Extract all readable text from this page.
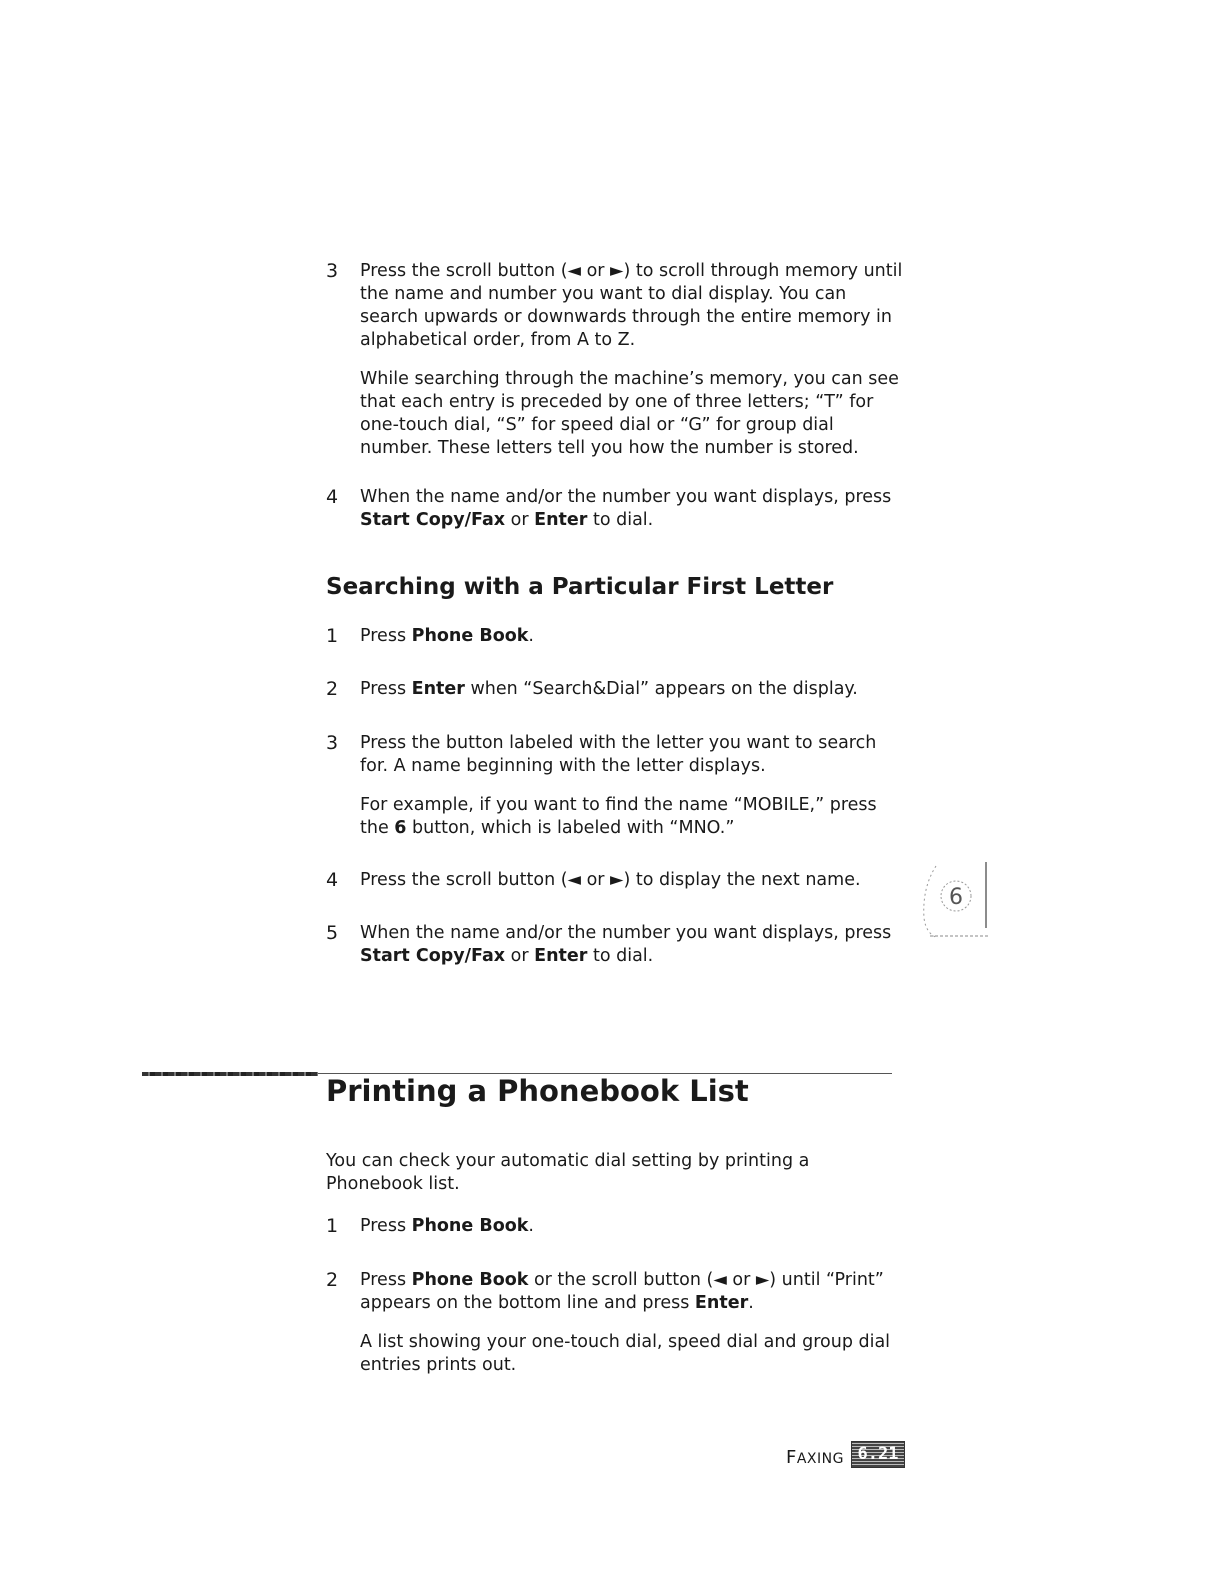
3	Press the scroll button (◄ or ►) to scroll through memory until the name and number you want to dial display. You can search upwards or downwards through the entire memory in alphabetical order, from A to Z.

While searching through the machine’s memory, you can see that each entry is preceded by one of three letters; “T” for one-touch dial, “S” for speed dial or “G” for group dial number. These letters tell you how the number is stored.

4	When the name and/or the number you want displays, press Start Copy/Fax or Enter to dial.

Searching with a Particular First Letter
1	Press Phone Book.

2	Press Enter when “Search&Dial” appears on the display.

3	Press the button labeled with the letter you want to search for. A name beginning with the letter displays.

For example, if you want to find the name “MOBILE,” press the 6 button, which is labeled with “MNO.”

4	Press the scroll button (◄ or ►) to display the next name.

5	When the name and/or the number you want displays, press Start Copy/Fax or Enter to dial.

6
Printing a Phonebook List

You can check your automatic dial setting by printing a Phonebook list.

1	Press Phone Book.

2	Press Phone Book or the scroll button (◄ or ►) until “Print” appears on the bottom line and press Enter.

A list showing your one-touch dial, speed dial and group dial entries prints out.

FAXING 6.21
